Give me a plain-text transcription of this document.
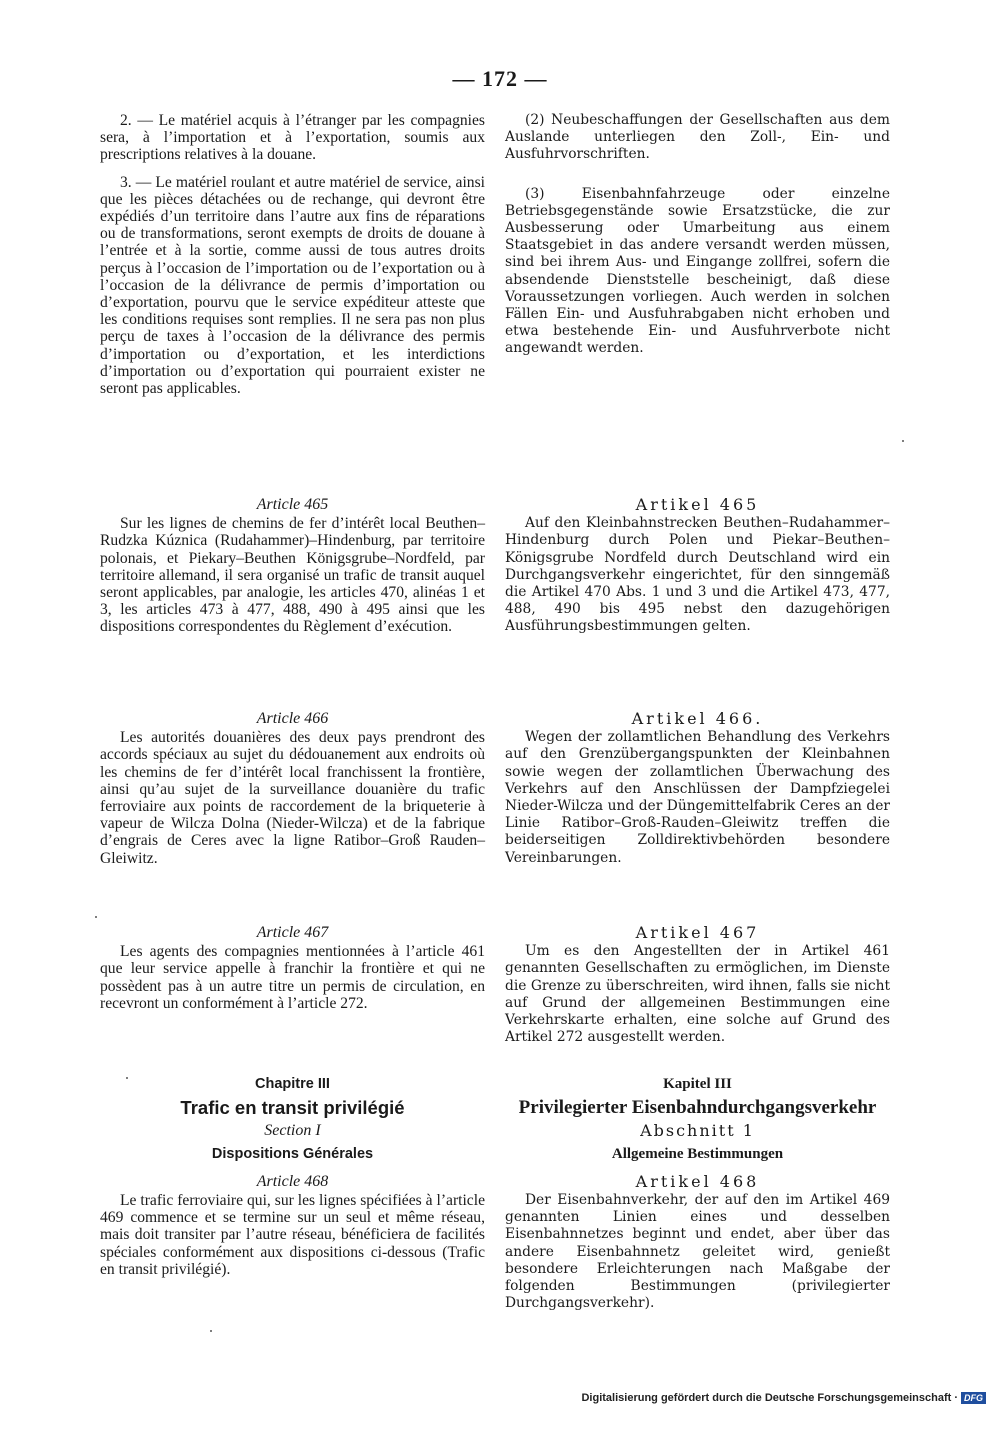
— 172 —

2. — Le matériel acquis à l’étranger par les compagnies sera, à l’importation et à l’exportation, soumis aux prescriptions relatives à la douane.

3. — Le matériel roulant et autre matériel de service, ainsi que les pièces détachées ou de rechange, qui devront être expédiés d’un territoire dans l’autre aux fins de réparations ou de transformations, seront exempts de droits de douane à l’entrée et à la sortie, comme aussi de tous autres droits perçus à l’occasion de l’importation ou de l’exportation ou à l’occasion de la délivrance de permis d’importation ou d’exportation, pourvu que le service expéditeur atteste que les conditions requises sont remplies. Il ne sera pas non plus perçu de taxes à l’occasion de la délivrance des permis d’importation ou d’exportation, et les interdictions d’importation ou d’exportation qui pourraient exister ne seront pas applicables.

Article 465

Sur les lignes de chemins de fer d’intérêt local Beuthen–Rudzka Kúznica (Rudahammer)–Hindenburg, par territoire polonais, et Piekary–Beuthen Königsgrube–Nordfeld, par territoire allemand, il sera organisé un trafic de transit auquel seront applicables, par analogie, les articles 470, alinéas 1 et 3, les articles 473 à 477, 488, 490 à 495 ainsi que les dispositions correspondentes du Règlement d’exécution.

Article 466

Les autorités douanières des deux pays prendront des accords spéciaux au sujet du dédouanement aux endroits où les chemins de fer d’intérêt local franchissent la frontière, ainsi qu’au sujet de la surveillance douanière du trafic ferroviaire aux points de raccordement de la briqueterie à vapeur de Wilcza Dolna (Nieder-Wilcza) et de la fabrique d’engrais de Ceres avec la ligne Ratibor–Groß Rauden–Gleiwitz.

Article 467

Les agents des compagnies mentionnées à l’article 461 que leur service appelle à franchir la frontière et qui ne possèdent pas à un autre titre un permis de circulation, en recevront un conformément à l’article 272.

Chapitre III
Trafic en transit privilégié
Section I
Dispositions Générales
Article 468

Le trafic ferroviaire qui, sur les lignes spécifiées à l’article 469 commence et se termine sur un seul et même réseau, mais doit transiter par l’autre réseau, bénéficiera de facilités spéciales conformément aux dispositions ci-dessous (Trafic en transit privilégié).

(2) Neubeschaffungen der Gesellschaften aus dem Auslande unterliegen den Zoll-, Ein- und Ausfuhrvorschriften.

(3) Eisenbahnfahrzeuge oder einzelne Betriebsgegenstände sowie Ersatzstücke, die zur Ausbesserung oder Umarbeitung aus einem Staatsgebiet in das andere versandt werden müssen, sind bei ihrem Aus- und Eingange zollfrei, sofern die absendende Dienststelle bescheinigt, daß diese Voraussetzungen vorliegen. Auch werden in solchen Fällen Ein- und Ausfuhrabgaben nicht erhoben und etwa bestehende Ein- und Ausfuhrverbote nicht angewandt werden.

Artikel 465

Auf den Kleinbahnstrecken Beuthen–Rudahammer–Hindenburg durch Polen und Piekar–Beuthen–Königsgrube Nordfeld durch Deutschland wird ein Durchgangsverkehr eingerichtet, für den sinngemäß die Artikel 470 Abs. 1 und 3 und die Artikel 473, 477, 488, 490 bis 495 nebst den dazugehörigen Ausführungsbestimmungen gelten.

Artikel 466.

Wegen der zollamtlichen Behandlung des Verkehrs auf den Grenzübergangspunkten der Kleinbahnen sowie wegen der zollamtlichen Überwachung des Verkehrs auf den Anschlüssen der Dampfziegelei Nieder-Wilcza und der Düngemittelfabrik Ceres an der Linie Ratibor–Groß-Rauden–Gleiwitz treffen die beiderseitigen Zolldirektivbehörden besondere Vereinbarungen.

Artikel 467

Um es den Angestellten der in Artikel 461 genannten Gesellschaften zu ermöglichen, im Dienste die Grenze zu überschreiten, wird ihnen, falls sie nicht auf Grund der allgemeinen Bestimmungen eine Verkehrskarte erhalten, eine solche auf Grund des Artikel 272 ausgestellt werden.

Kapitel III
Privilegierter Eisenbahndurchgangsverkehr
Abschnitt 1
Allgemeine Bestimmungen
Artikel 468

Der Eisenbahnverkehr, der auf den im Artikel 469 genannten Linien eines und desselben Eisenbahnnetzes beginnt und endet, aber über das andere Eisenbahnnetz geleitet wird, genießt besondere Erleichterungen nach Maßgabe der folgenden Bestimmungen (privilegierter Durchgangsverkehr).

Digitalisierung gefördert durch die Deutsche Forschungsgemeinschaft · DFG
